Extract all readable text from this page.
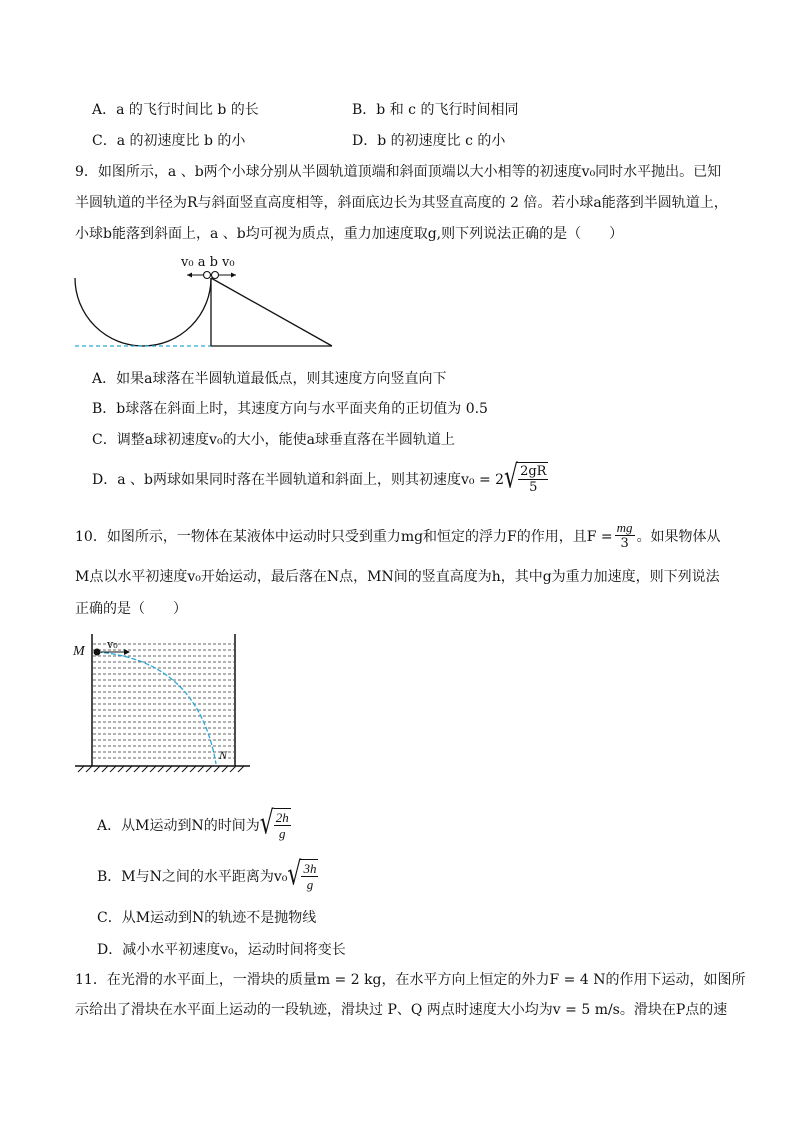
A．a 的飞行时间比 b 的长	B．b 和 c 的飞行时间相同
C．a 的初速度比 b 的小	D．b 的初速度比 c 的小
9．如图所示，a 、b两个小球分别从半圆轨道顶端和斜面顶端以大小相等的初速度v₀同时水平抛出。已知
半圆轨道的半径为R与斜面竖直高度相等，斜面底边长为其竖直高度的 2 倍。若小球a能落到半圆轨道上，
小球b能落到斜面上，a 、b均可视为质点，重力加速度取g,则下列说法正确的是（　　）
v₀ a b v₀
A．如果a球落在半圆轨道最低点，则其速度方向竖直向下
B．b球落在斜面上时，其速度方向与水平面夹角的正切值为 0.5
C．调整a球初速度v₀的大小，能使a球垂直落在半圆轨道上
D．a 、b两球如果同时落在半圆轨道和斜面上，则其初速度v₀ = 2 √ $\frac{2gR}{5}$
10．如图所示，一物体在某液体中运动时只受到重力mg和恒定的浮力F的作用，且$F = \frac{mg}{3}$ 。如果物体从
M点以水平初速度v₀开始运动，最后落在N点，MN间的竖直高度为h，其中g为重力加速度，则下列说法
正确的是（　　）
M v₀
N
A．从M运动到N的时间为 √ $\frac{2h}{g}$
B．M与N之间的水平距离为v₀ √ $\frac{3h}{g}$
C．从M运动到N的轨迹不是抛物线
D．减小水平初速度v₀，运动时间将变长
11．在光滑的水平面上，一滑块的质量m = 2 kg，在水平方向上恒定的外力F = 4 N的作用下运动，如图所
示给出了滑块在水平面上运动的一段轨迹，滑块过 P、Q 两点时速度大小均为v = 5 m/s。滑块在P点的速
